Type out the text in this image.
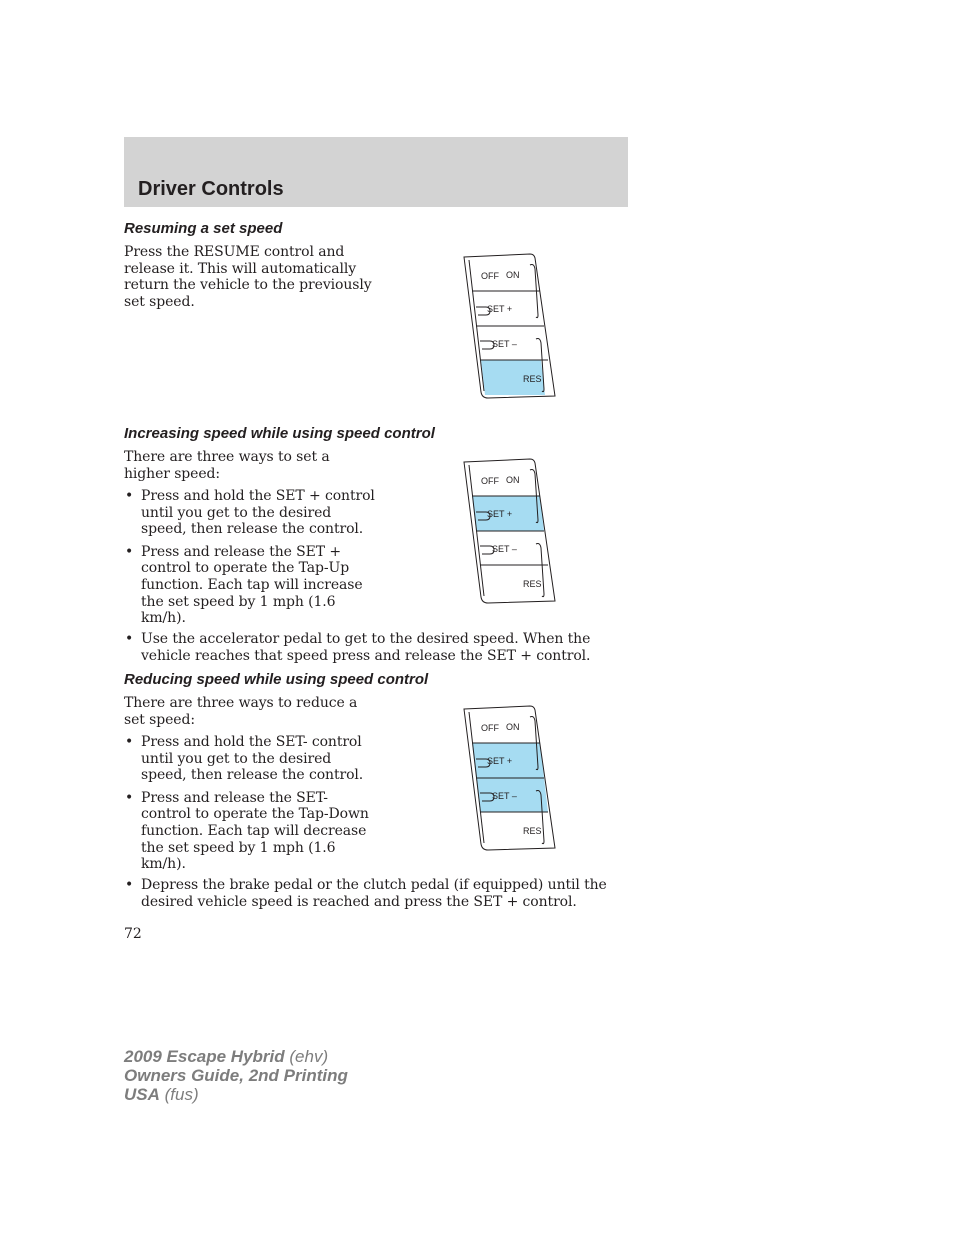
Driver Controls
Resuming a set speed

Press the RESUME control and release it. This will automatically return the vehicle to the previously set speed.

OFF ON
SET +
SET –
RES
Increasing speed while using speed control

There are three ways to set a higher speed:

• Press and hold the SET + control until you get to the desired speed, then release the control.
• Press and release the SET + control to operate the Tap-Up function. Each tap will increase the set speed by 1 mph (1.6 km/h).
• Use the accelerator pedal to get to the desired speed. When the vehicle reaches that speed press and release the SET + control.
OFF ON
SET +
SET –
RES
Reducing speed while using speed control

There are three ways to reduce a set speed:

• Press and hold the SET- control until you get to the desired speed, then release the control.
• Press and release the SET- control to operate the Tap-Down function. Each tap will decrease the set speed by 1 mph (1.6 km/h).
• Depress the brake pedal or the clutch pedal (if equipped) until the desired vehicle speed is reached and press the SET + control.
OFF ON
SET +
SET –
RES

72

2009 Escape Hybrid (ehv)
Owners Guide, 2nd Printing
USA (fus)
